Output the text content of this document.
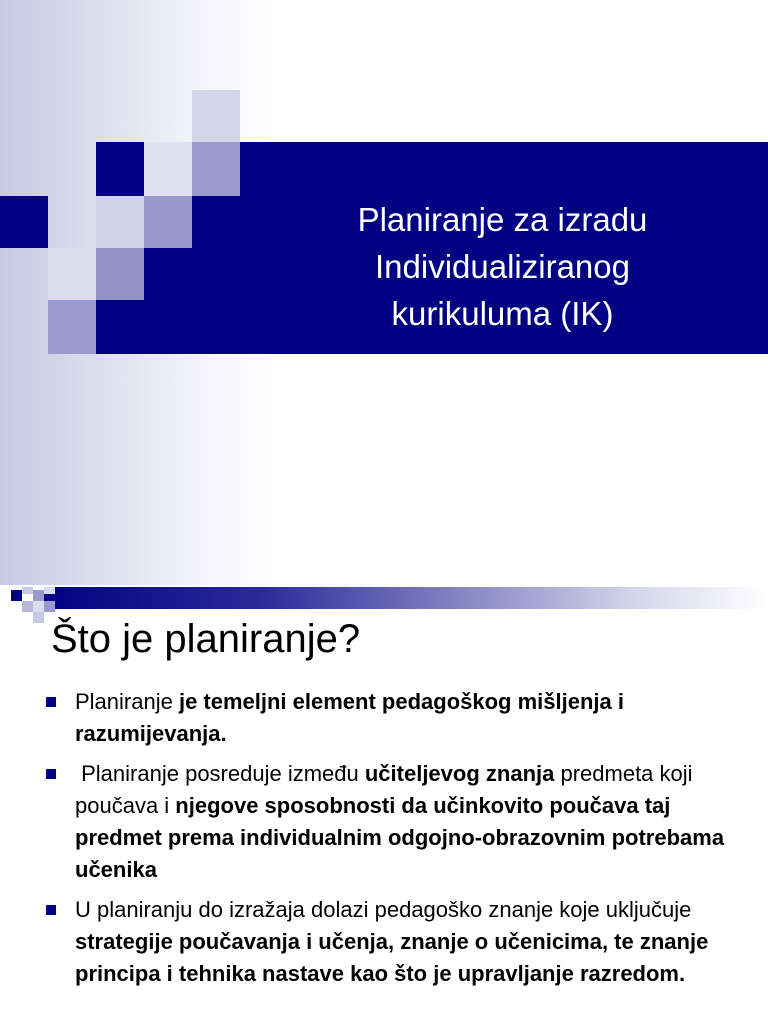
Planiranje za izradu
Individualiziranog
kurikuluma (IK)
Što je planiranje?
Planiranje je temeljni element pedagoškog mišljenja i razumijevanja.
Planiranje posreduje između učiteljevog znanja predmeta koji poučava i njegove sposobnosti da učinkovito poučava taj predmet prema individualnim odgojno-obrazovnim potrebama učenika
U planiranju do izražaja dolazi pedagoško znanje koje uključuje strategije poučavanja i učenja, znanje o učenicima, te znanje principa i tehnika nastave kao što je upravljanje razredom.
